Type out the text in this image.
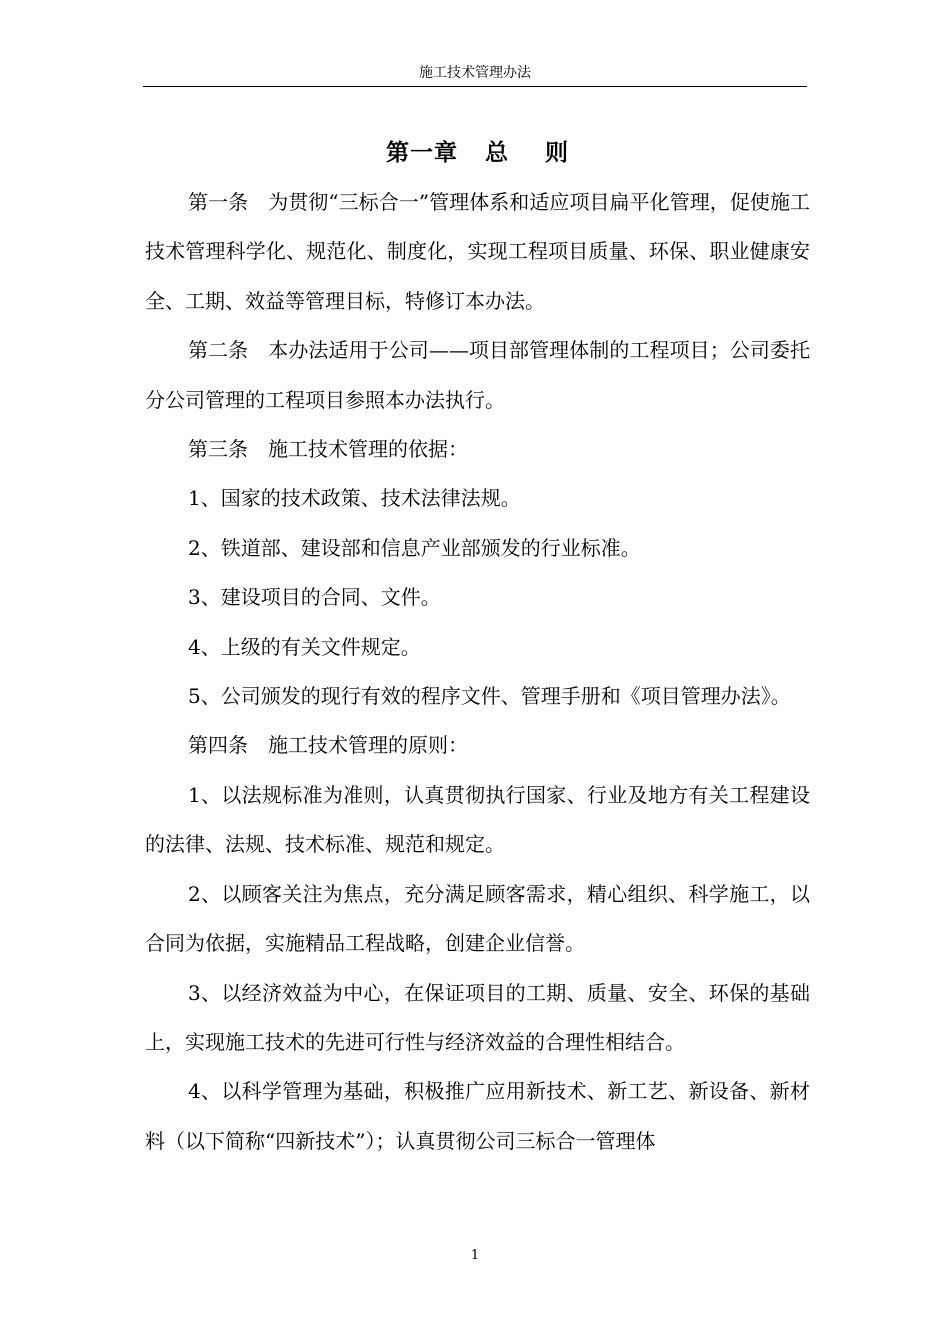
施工技术管理办法
第一章   总    则

第一条　为贯彻“三标合一”管理体系和适应项目扁平化管理，促使施工技术管理科学化、规范化、制度化，实现工程项目质量、环保、职业健康安全、工期、效益等管理目标，特修订本办法。

第二条　本办法适用于公司——项目部管理体制的工程项目；公司委托分公司管理的工程项目参照本办法执行。

第三条　施工技术管理的依据：

1、国家的技术政策、技术法律法规。

2、铁道部、建设部和信息产业部颁发的行业标准。

3、建设项目的合同、文件。

4、上级的有关文件规定。

5、公司颁发的现行有效的程序文件、管理手册和《项目管理办法》。

第四条　施工技术管理的原则：

1、以法规标准为准则，认真贯彻执行国家、行业及地方有关工程建设的法律、法规、技术标准、规范和规定。

2、以顾客关注为焦点，充分满足顾客需求，精心组织、科学施工，以合同为依据，实施精品工程战略，创建企业信誉。

3、以经济效益为中心，在保证项目的工期、质量、安全、环保的基础上，实现施工技术的先进可行性与经济效益的合理性相结合。

4、以科学管理为基础，积极推广应用新技术、新工艺、新设备、新材料（以下简称“四新技术”）；认真贯彻公司三标合一管理体

1
